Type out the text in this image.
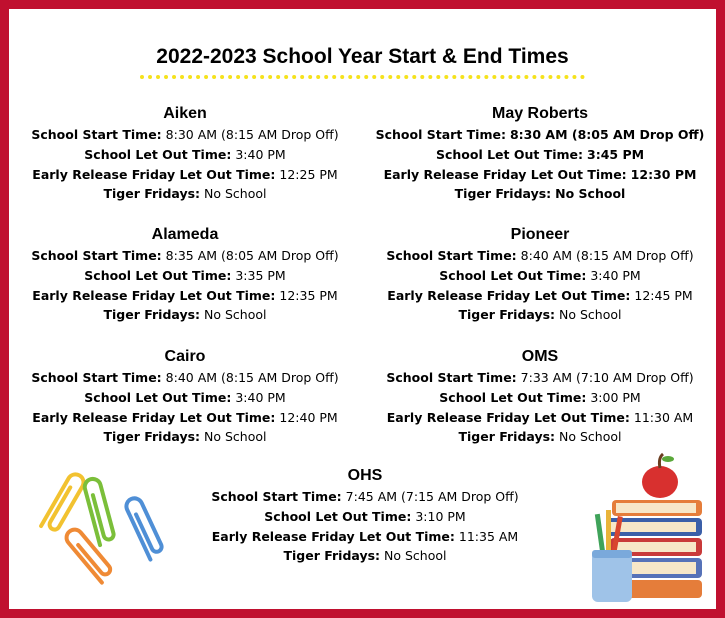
2022-2023 School Year Start & End Times
Aiken
School Start Time: 8:30 AM (8:15 AM Drop Off)
School Let Out Time: 3:40 PM
Early Release Friday Let Out Time: 12:25 PM
Tiger Fridays: No School
May Roberts
School Start Time: 8:30 AM (8:05 AM Drop Off)
School Let Out Time: 3:45 PM
Early Release Friday Let Out Time: 12:30 PM
Tiger Fridays: No School
Alameda
School Start Time: 8:35 AM (8:05 AM Drop Off)
School Let Out Time: 3:35 PM
Early Release Friday Let Out Time: 12:35 PM
Tiger Fridays: No School
Pioneer
School Start Time: 8:40 AM (8:15 AM Drop Off)
School Let Out Time: 3:40 PM
Early Release Friday Let Out Time: 12:45 PM
Tiger Fridays: No School
Cairo
School Start Time: 8:40 AM (8:15 AM Drop Off)
School Let Out Time: 3:40 PM
Early Release Friday Let Out Time: 12:40 PM
Tiger Fridays: No School
OMS
School Start Time: 7:33 AM (7:10 AM Drop Off)
School Let Out Time: 3:00 PM
Early Release Friday Let Out Time: 11:30 AM
Tiger Fridays: No School
OHS
School Start Time: 7:45 AM (7:15 AM Drop Off)
School Let Out Time: 3:10 PM
Early Release Friday Let Out Time: 11:35 AM
Tiger Fridays: No School
